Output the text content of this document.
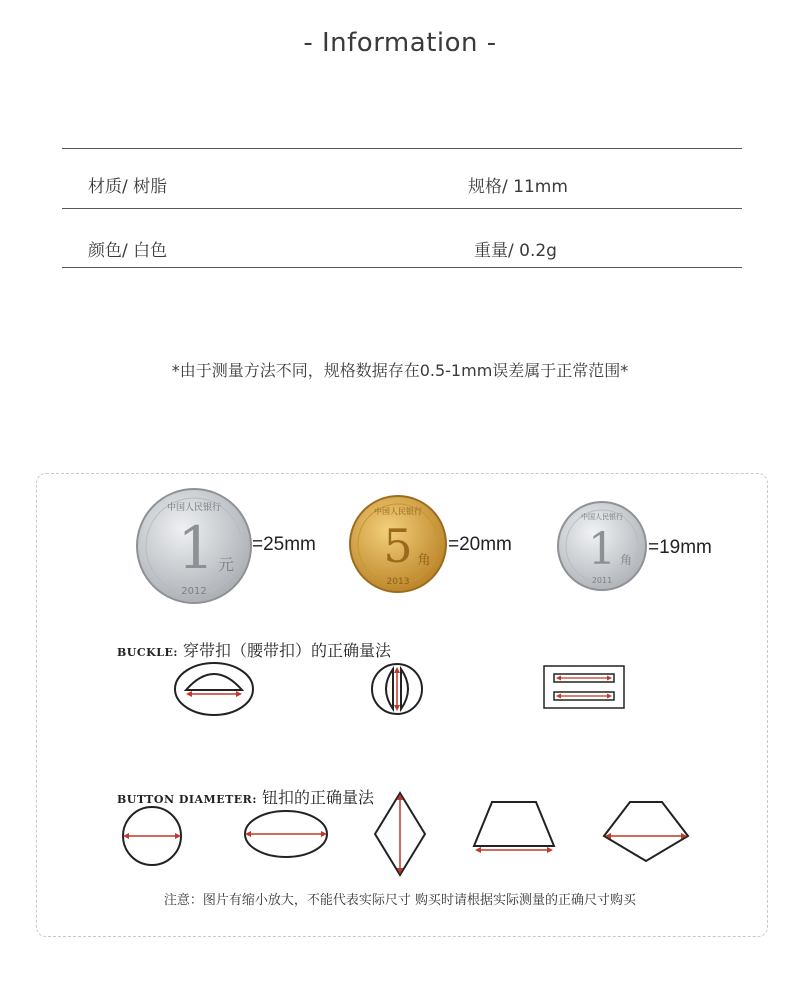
- Information -
材质/ 树脂	规格/ 11mm
颜色/ 白色	重量/ 0.2g
*由于测量方法不同，规格数据存在0.5-1mm误差属于正常范围*
中国人民银行
1 元
2012
=25mm
中国人民银行
5 角
2013
=20mm
中国人民银行
1 角
2011
=19mm
BUCKLE: 穿带扣（腰带扣）的正确量法
BUTTON DIAMETER: 钮扣的正确量法
注意：图片有缩小放大，不能代表实际尺寸 购买时请根据实际测量的正确尺寸购买
